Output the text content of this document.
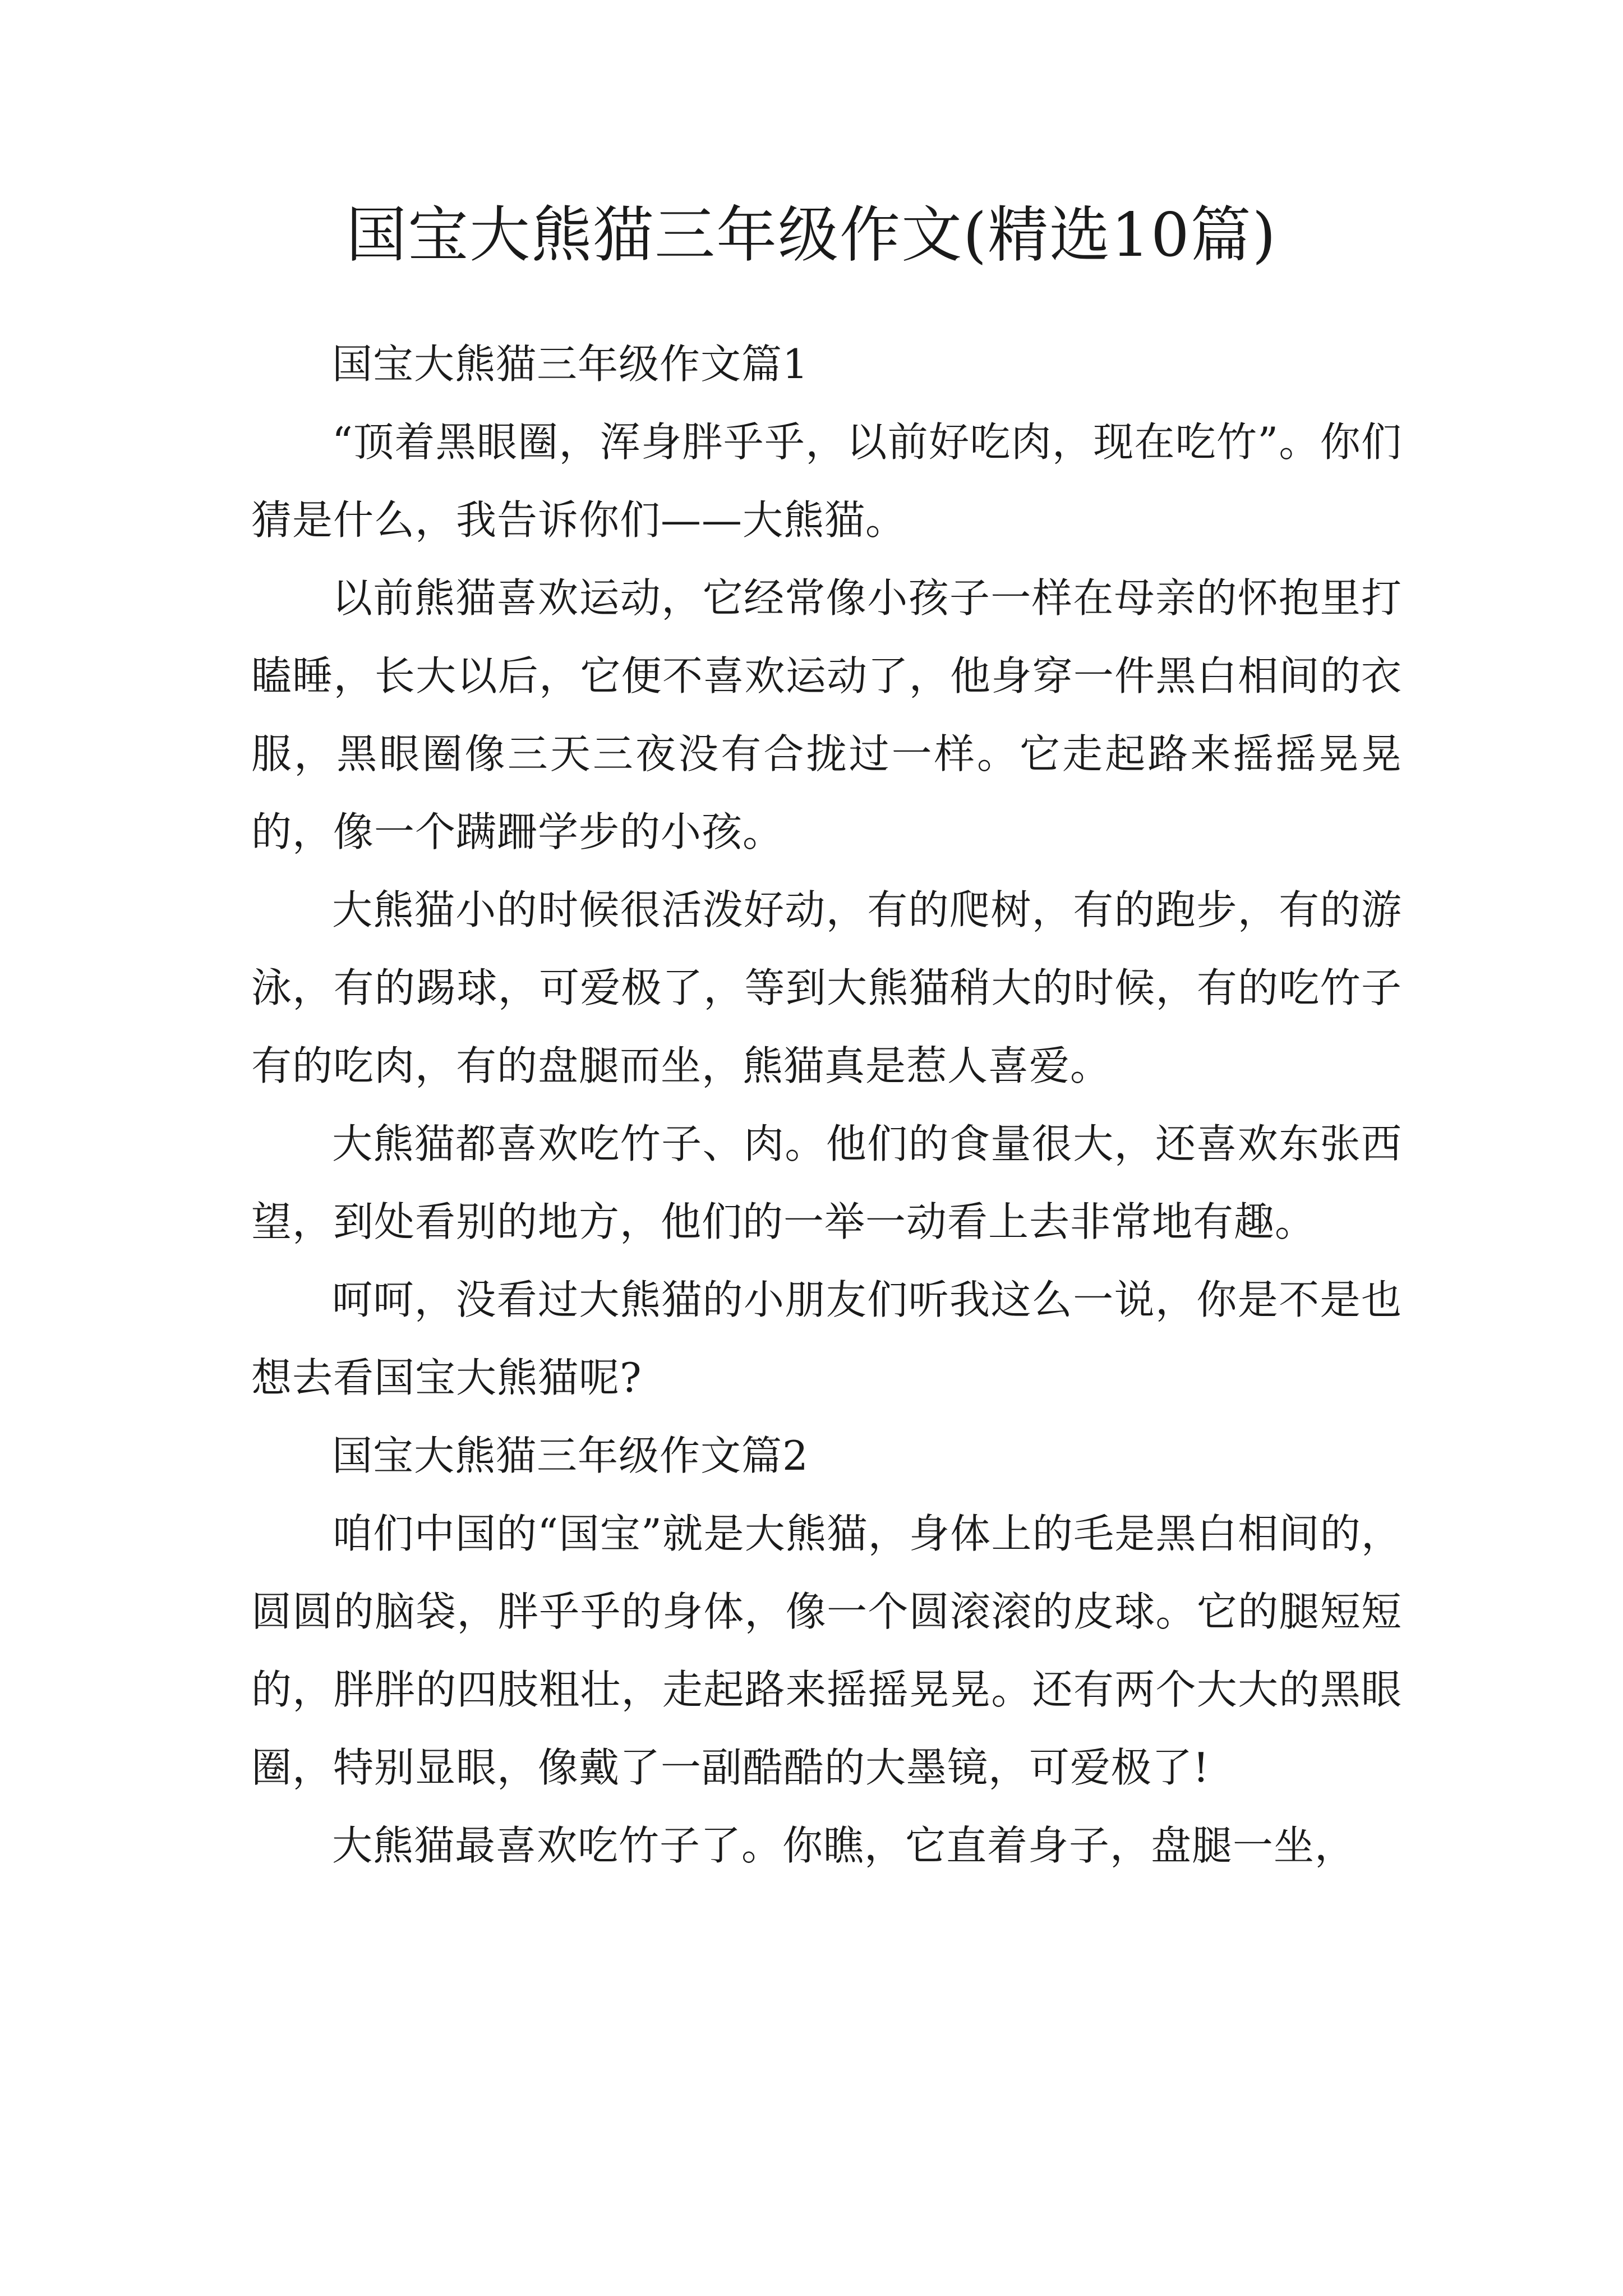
国宝大熊猫三年级作文(精选10篇)

国宝大熊猫三年级作文篇1

“顶着黑眼圈，浑身胖乎乎，以前好吃肉，现在吃竹”。你们猜是什么，我告诉你们——大熊猫。

以前熊猫喜欢运动，它经常像小孩子一样在母亲的怀抱里打瞌睡，长大以后，它便不喜欢运动了，他身穿一件黑白相间的衣服，黑眼圈像三天三夜没有合拢过一样。它走起路来摇摇晃晃的，像一个蹒跚学步的小孩。

大熊猫小的时候很活泼好动，有的爬树，有的跑步，有的游泳，有的踢球，可爱极了，等到大熊猫稍大的时候，有的吃竹子有的吃肉，有的盘腿而坐，熊猫真是惹人喜爱。

大熊猫都喜欢吃竹子、肉。他们的食量很大，还喜欢东张西望，到处看别的地方，他们的一举一动看上去非常地有趣。

呵呵，没看过大熊猫的小朋友们听我这么一说，你是不是也想去看国宝大熊猫呢?

国宝大熊猫三年级作文篇2

咱们中国的“国宝”就是大熊猫，身体上的毛是黑白相间的，圆圆的脑袋，胖乎乎的身体，像一个圆滚滚的皮球。它的腿短短的，胖胖的四肢粗壮，走起路来摇摇晃晃。还有两个大大的黑眼圈，特别显眼，像戴了一副酷酷的大墨镜，可爱极了!

大熊猫最喜欢吃竹子了。你瞧，它直着身子，盘腿一坐，
